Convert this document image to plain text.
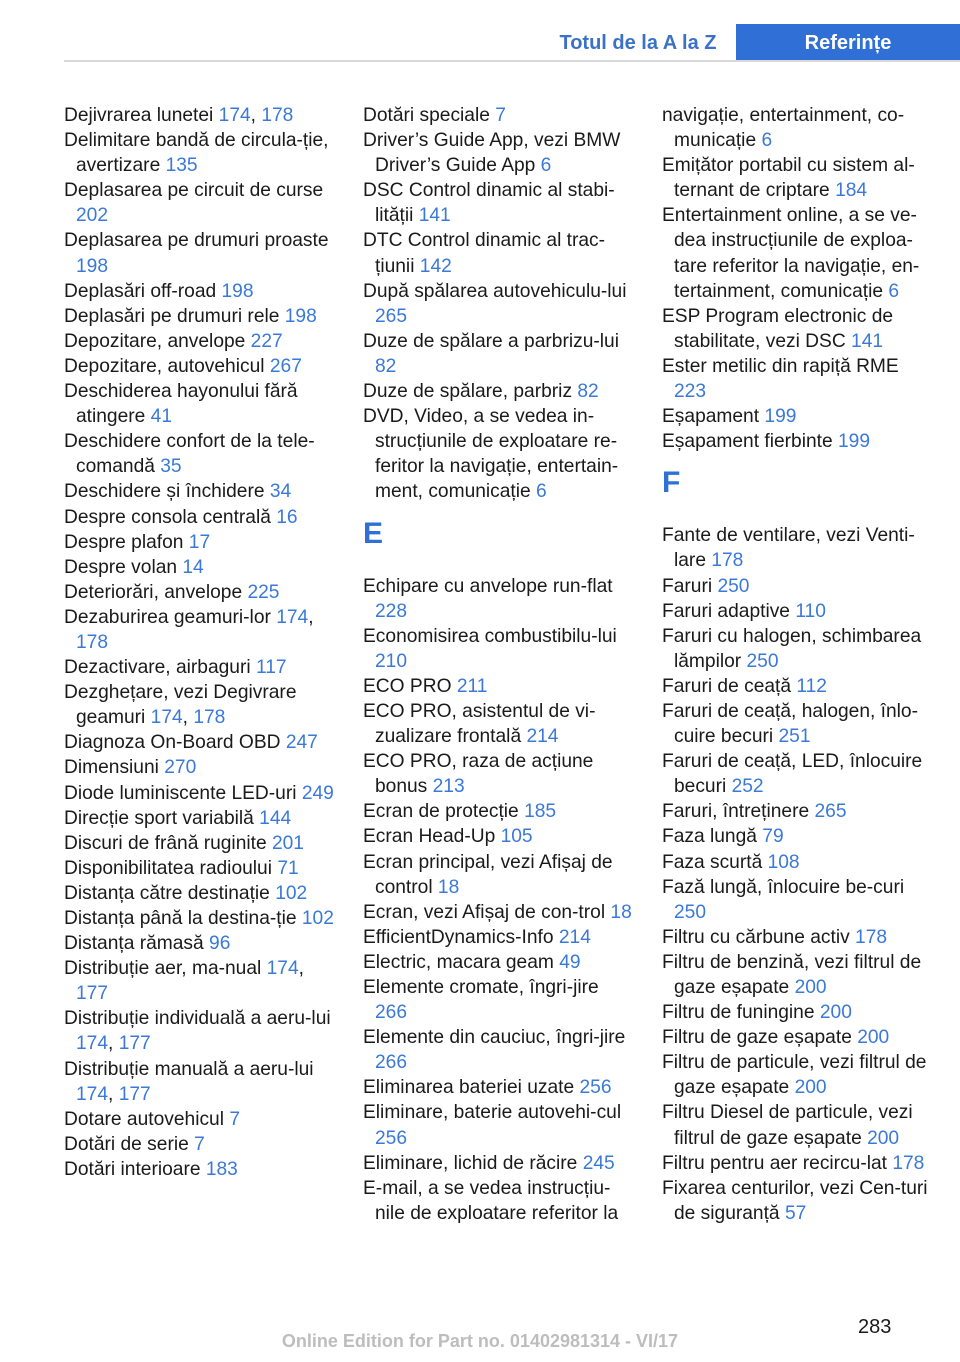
Totul de la A la Z	Referințe
Dejivrarea lunetei 174, 178
Delimitare bandă de circula-ție, avertizare 135
Deplasarea pe circuit de curse 202
Deplasarea pe drumuri proaste 198
Deplasări off-road 198
Deplasări pe drumuri rele 198
Depozitare, anvelope 227
Depozitare, autovehicul 267
Deschiderea hayonului fără atingere 41
Deschidere confort de la tele-comandă 35
Deschidere și închidere 34
Despre consola centrală 16
Despre plafon 17
Despre volan 14
Deteriorări, anvelope 225
Dezaburirea geamuri-lor 174, 178
Dezactivare, airbaguri 117
Dezghețare, vezi Degivrare geamuri 174, 178
Diagnoza On-Board OBD 247
Dimensiuni 270
Diode luminiscente LED-uri 249
Direcție sport variabilă 144
Discuri de frână ruginite 201
Disponibilitatea radioului 71
Distanța către destinație 102
Distanța până la destina-ție 102
Distanța rămasă 96
Distribuție aer, ma-nual 174, 177
Distribuție individuală a aeru-lui 174, 177
Distribuție manuală a aeru-lui 174, 177
Dotare autovehicul 7
Dotări de serie 7
Dotări interioare 183
Dotări speciale 7
Driver’s Guide App, vezi BMW Driver’s Guide App 6
DSC Control dinamic al stabi-lității 141
DTC Control dinamic al trac-țiunii 142
După spălarea autovehiculu-lui 265
Duze de spălare a parbrizu-lui 82
Duze de spălare, parbriz 82
DVD, Video, a se vedea in-strucțiunile de exploatare re-feritor la navigație, entertain-ment, comunicație 6
E
Echipare cu anvelope run-flat 228
Economisirea combustibilu-lui 210
ECO PRO 211
ECO PRO, asistentul de vi-zualizare frontală 214
ECO PRO, raza de acțiune bonus 213
Ecran de protecție 185
Ecran Head-Up 105
Ecran principal, vezi Afișaj de control 18
Ecran, vezi Afișaj de con-trol 18
EfficientDynamics-Info 214
Electric, macara geam 49
Elemente cromate, îngri-jire 266
Elemente din cauciuc, îngri-jire 266
Eliminarea bateriei uzate 256
Eliminare, baterie autovehi-cul 256
Eliminare, lichid de răcire 245
E-mail, a se vedea instrucțiu-nile de exploatare referitor la
navigație, entertainment, co-municație 6
Emițător portabil cu sistem al-ternant de criptare 184
Entertainment online, a se ve-dea instrucțiunile de exploa-tare referitor la navigație, en-tertainment, comunicație 6
ESP Program electronic de stabilitate, vezi DSC 141
Ester metilic din rapiță RME 223
Eșapament 199
Eșapament fierbinte 199
F
Fante de ventilare, vezi Venti-lare 178
Faruri 250
Faruri adaptive 110
Faruri cu halogen, schimbarea lămpilor 250
Faruri de ceață 112
Faruri de ceață, halogen, înlo-cuire becuri 251
Faruri de ceață, LED, înlocuire becuri 252
Faruri, întreținere 265
Faza lungă 79
Faza scurtă 108
Fază lungă, înlocuire be-curi 250
Filtru cu cărbune activ 178
Filtru de benzină, vezi filtrul de gaze eșapate 200
Filtru de funingine 200
Filtru de gaze eșapate 200
Filtru de particule, vezi filtrul de gaze eșapate 200
Filtru Diesel de particule, vezi filtrul de gaze eșapate 200
Filtru pentru aer recircu-lat 178
Fixarea centurilor, vezi Cen-turi de siguranță 57
283
Online Edition for Part no. 01402981314 - VI/17
